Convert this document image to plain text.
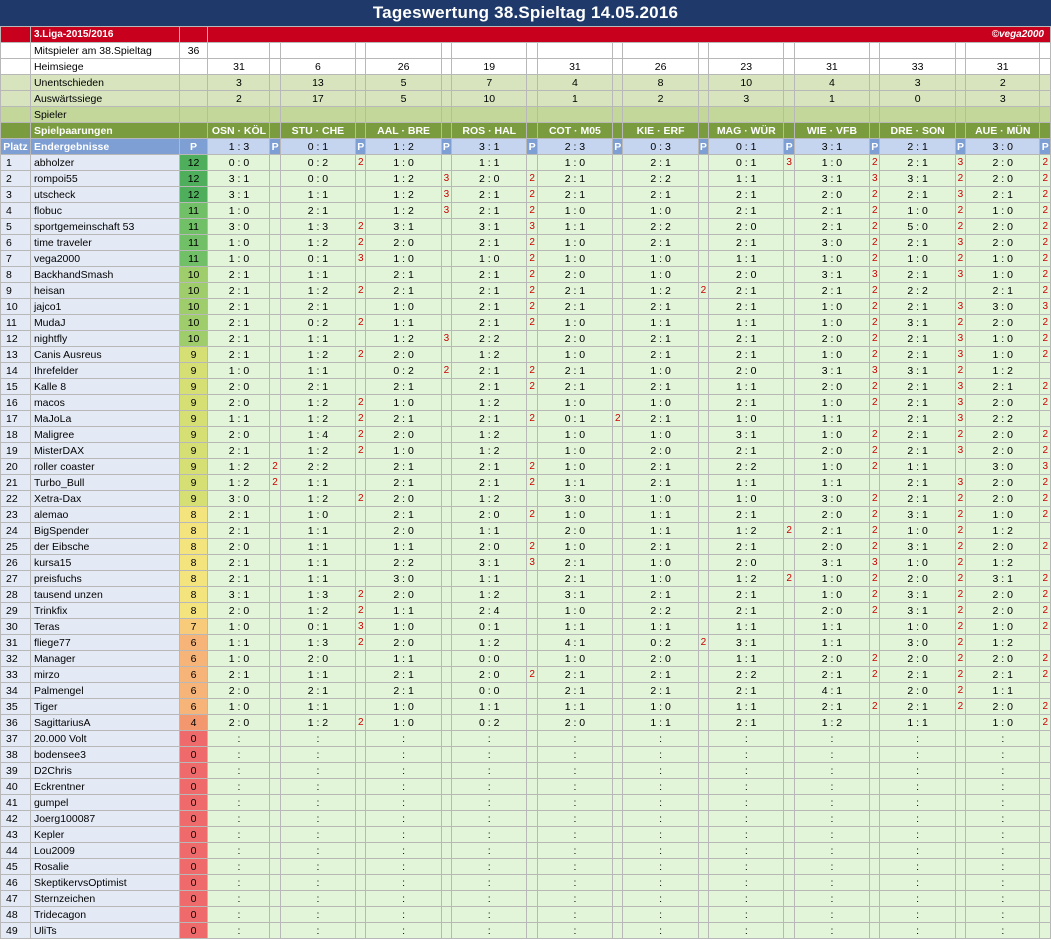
Tageswertung 38.Spieltag 14.05.2016
	3.Liga-2015/2016		©vega2000																			
	Mitspieler am 38.Spieltag	36																				
	Heimsiege		31		6		26		19		31		26		23		31		33		31	
	Unentschieden		3		13		5		7		4		8		10		4		3		2	
	Auswärtssiege		2		17		5		10		1		2		3		1		0		3	
	Spieler																					
	Spielpaarungen		OSN · KÖL		STU · CHE		AAL · BRE		ROS · HAL		COT · M05		KIE · ERF		MAG · WÜR		WIE · VFB		DRE · SON		AUE · MÜN	
Platz	Endergebnisse	P	1 : 3	P	0 : 1	P	1 : 2	P	3 : 1	P	2 : 3	P	0 : 3	P	0 : 1	P	3 : 1	P	2 : 1	P	3 : 0	P
1	abholzer	12	0 : 0		0 : 2	2	1 : 0		1 : 1		1 : 0		2 : 1		0 : 1	3	1 : 0	2	2 : 1	3	2 : 0	2
2	rompoi55	12	3 : 1		0 : 0		1 : 2	3	2 : 0	2	2 : 1		2 : 2		1 : 1		3 : 1	3	3 : 1	2	2 : 0	2
3	utscheck	12	3 : 1		1 : 1		1 : 2	3	2 : 1	2	2 : 1		2 : 1		2 : 1		2 : 0	2	2 : 1	3	2 : 1	2
4	flobuc	11	1 : 0		2 : 1		1 : 2	3	2 : 1	2	1 : 0		1 : 0		2 : 1		2 : 1	2	1 : 0	2	1 : 0	2
5	sportgemeinschaft 53	11	3 : 0		1 : 3	2	3 : 1		3 : 1	3	1 : 1		2 : 2		2 : 0		2 : 1	2	5 : 0	2	2 : 0	2
6	time traveler	11	1 : 0		1 : 2	2	2 : 0		2 : 1	2	1 : 0		2 : 1		2 : 1		3 : 0	2	2 : 1	3	2 : 0	2
7	vega2000	11	1 : 0		0 : 1	3	1 : 0		1 : 0	2	1 : 0		1 : 0		1 : 1		1 : 0	2	1 : 0	2	1 : 0	2
8	BackhandSmash	10	2 : 1		1 : 1		2 : 1		2 : 1	2	2 : 0		1 : 0		2 : 0		3 : 1	3	2 : 1	3	1 : 0	2
9	heisan	10	2 : 1		1 : 2	2	2 : 1		2 : 1	2	2 : 1		1 : 2	2	2 : 1		2 : 1	2	2 : 2		2 : 1	2
10	jajco1	10	2 : 1		2 : 1		1 : 0		2 : 1	2	2 : 1		2 : 1		2 : 1		1 : 0	2	2 : 1	3	3 : 0	3
11	MudaJ	10	2 : 1		0 : 2	2	1 : 1		2 : 1	2	1 : 0		1 : 1		1 : 1		1 : 0	2	3 : 1	2	2 : 0	2
12	nightfly	10	2 : 1		1 : 1		1 : 2	3	2 : 2		2 : 0		2 : 1		2 : 1		2 : 0	2	2 : 1	3	1 : 0	2
13	Canis Ausreus	9	2 : 1		1 : 2	2	2 : 0		1 : 2		1 : 0		2 : 1		2 : 1		1 : 0	2	2 : 1	3	1 : 0	2
14	Ihrefelder	9	1 : 0		1 : 1		0 : 2	2	2 : 1	2	2 : 1		1 : 0		2 : 0		3 : 1	3	3 : 1	2	1 : 2	
15	Kalle 8	9	2 : 0		2 : 1		2 : 1		2 : 1	2	2 : 1		2 : 1		1 : 1		2 : 0	2	2 : 1	3	2 : 1	2
16	macos	9	2 : 0		1 : 2	2	1 : 0		1 : 2		1 : 0		1 : 0		2 : 1		1 : 0	2	2 : 1	3	2 : 0	2
17	MaJoLa	9	1 : 1		1 : 2	2	2 : 1		2 : 1	2	0 : 1	2	2 : 1		1 : 0		1 : 1		2 : 1	3	2 : 2	
18	Maligree	9	2 : 0		1 : 4	2	2 : 0		1 : 2		1 : 0		1 : 0		3 : 1		1 : 0	2	2 : 1	2	2 : 0	2
19	MisterDAX	9	2 : 1		1 : 2	2	1 : 0		1 : 2		1 : 0		2 : 0		2 : 1		2 : 0	2	2 : 1	3	2 : 0	2
20	roller coaster	9	1 : 2	2	2 : 2		2 : 1		2 : 1	2	1 : 0		2 : 1		2 : 2		1 : 0	2	1 : 1		3 : 0	3
21	Turbo_Bull	9	1 : 2	2	1 : 1		2 : 1		2 : 1	2	1 : 1		2 : 1		1 : 1		1 : 1		2 : 1	3	2 : 0	2
22	Xetra-Dax	9	3 : 0		1 : 2	2	2 : 0		1 : 2		3 : 0		1 : 0		1 : 0		3 : 0	2	2 : 1	2	2 : 0	2
23	alemao	8	2 : 1		1 : 0		2 : 1		2 : 0	2	1 : 0		1 : 1		2 : 1		2 : 0	2	3 : 1	2	1 : 0	2
24	BigSpender	8	2 : 1		1 : 1		2 : 0		1 : 1		2 : 0		1 : 1		1 : 2	2	2 : 1	2	1 : 0	2	1 : 2	
25	der Eibsche	8	2 : 0		1 : 1		1 : 1		2 : 0	2	1 : 0		2 : 1		2 : 1		2 : 0	2	3 : 1	2	2 : 0	2
26	kursa15	8	2 : 1		1 : 1		2 : 2		3 : 1	3	2 : 1		1 : 0		2 : 0		3 : 1	3	1 : 0	2	1 : 2	
27	preisfuchs	8	2 : 1		1 : 1		3 : 0		1 : 1		2 : 1		1 : 0		1 : 2	2	1 : 0	2	2 : 0	2	3 : 1	2
28	tausend unzen	8	3 : 1		1 : 3	2	2 : 0		1 : 2		3 : 1		2 : 1		2 : 1		1 : 0	2	3 : 1	2	2 : 0	2
29	Trinkfix	8	2 : 0		1 : 2	2	1 : 1		2 : 4		1 : 0		2 : 2		2 : 1		2 : 0	2	3 : 1	2	2 : 0	2
30	Teras	7	1 : 0		0 : 1	3	1 : 0		0 : 1		1 : 1		1 : 1		1 : 1		1 : 1		1 : 0	2	1 : 0	2
31	fliege77	6	1 : 1		1 : 3	2	2 : 0		1 : 2		4 : 1		0 : 2	2	3 : 1		1 : 1		3 : 0	2	1 : 2	
32	Manager	6	1 : 0		2 : 0		1 : 1		0 : 0		1 : 0		2 : 0		1 : 1		2 : 0	2	2 : 0	2	2 : 0	2
33	mirzo	6	2 : 1		1 : 1		2 : 1		2 : 0	2	2 : 1		2 : 1		2 : 2		2 : 1	2	2 : 1	2	2 : 1	2
34	Palmengel	6	2 : 0		2 : 1		2 : 1		0 : 0		2 : 1		2 : 1		2 : 1		4 : 1		2 : 0	2	1 : 1	
35	Tiger	6	1 : 0		1 : 1		1 : 0		1 : 1		1 : 1		1 : 0		1 : 1		2 : 1	2	2 : 1	2	2 : 0	2
36	SagittariusA	4	2 : 0		1 : 2	2	1 : 0		0 : 2		2 : 0		1 : 1		2 : 1		1 : 2		1 : 1		1 : 0	2
37	20.000 Volt	0	:		:		:		:		:		:		:		:		:		:	
38	bodensee3	0	:		:		:		:		:		:		:		:		:		:	
39	D2Chris	0	:		:		:		:		:		:		:		:		:		:	
40	Eckrentner	0	:		:		:		:		:		:		:		:		:		:	
41	gumpel	0	:		:		:		:		:		:		:		:		:		:	
42	Joerg100087	0	:		:		:		:		:		:		:		:		:		:	
43	Kepler	0	:		:		:		:		:		:		:		:		:		:	
44	Lou2009	0	:		:		:		:		:		:		:		:		:		:	
45	Rosalie	0	:		:		:		:		:		:		:		:		:		:	
46	SkeptikervsOptimist	0	:		:		:		:		:		:		:		:		:		:	
47	Sternzeichen	0	:		:		:		:		:		:		:		:		:		:	
48	Tridecagon	0	:		:		:		:		:		:		:		:		:		:	
49	UliTs	0	:		:		:		:		:		:		:		:		:		:	
